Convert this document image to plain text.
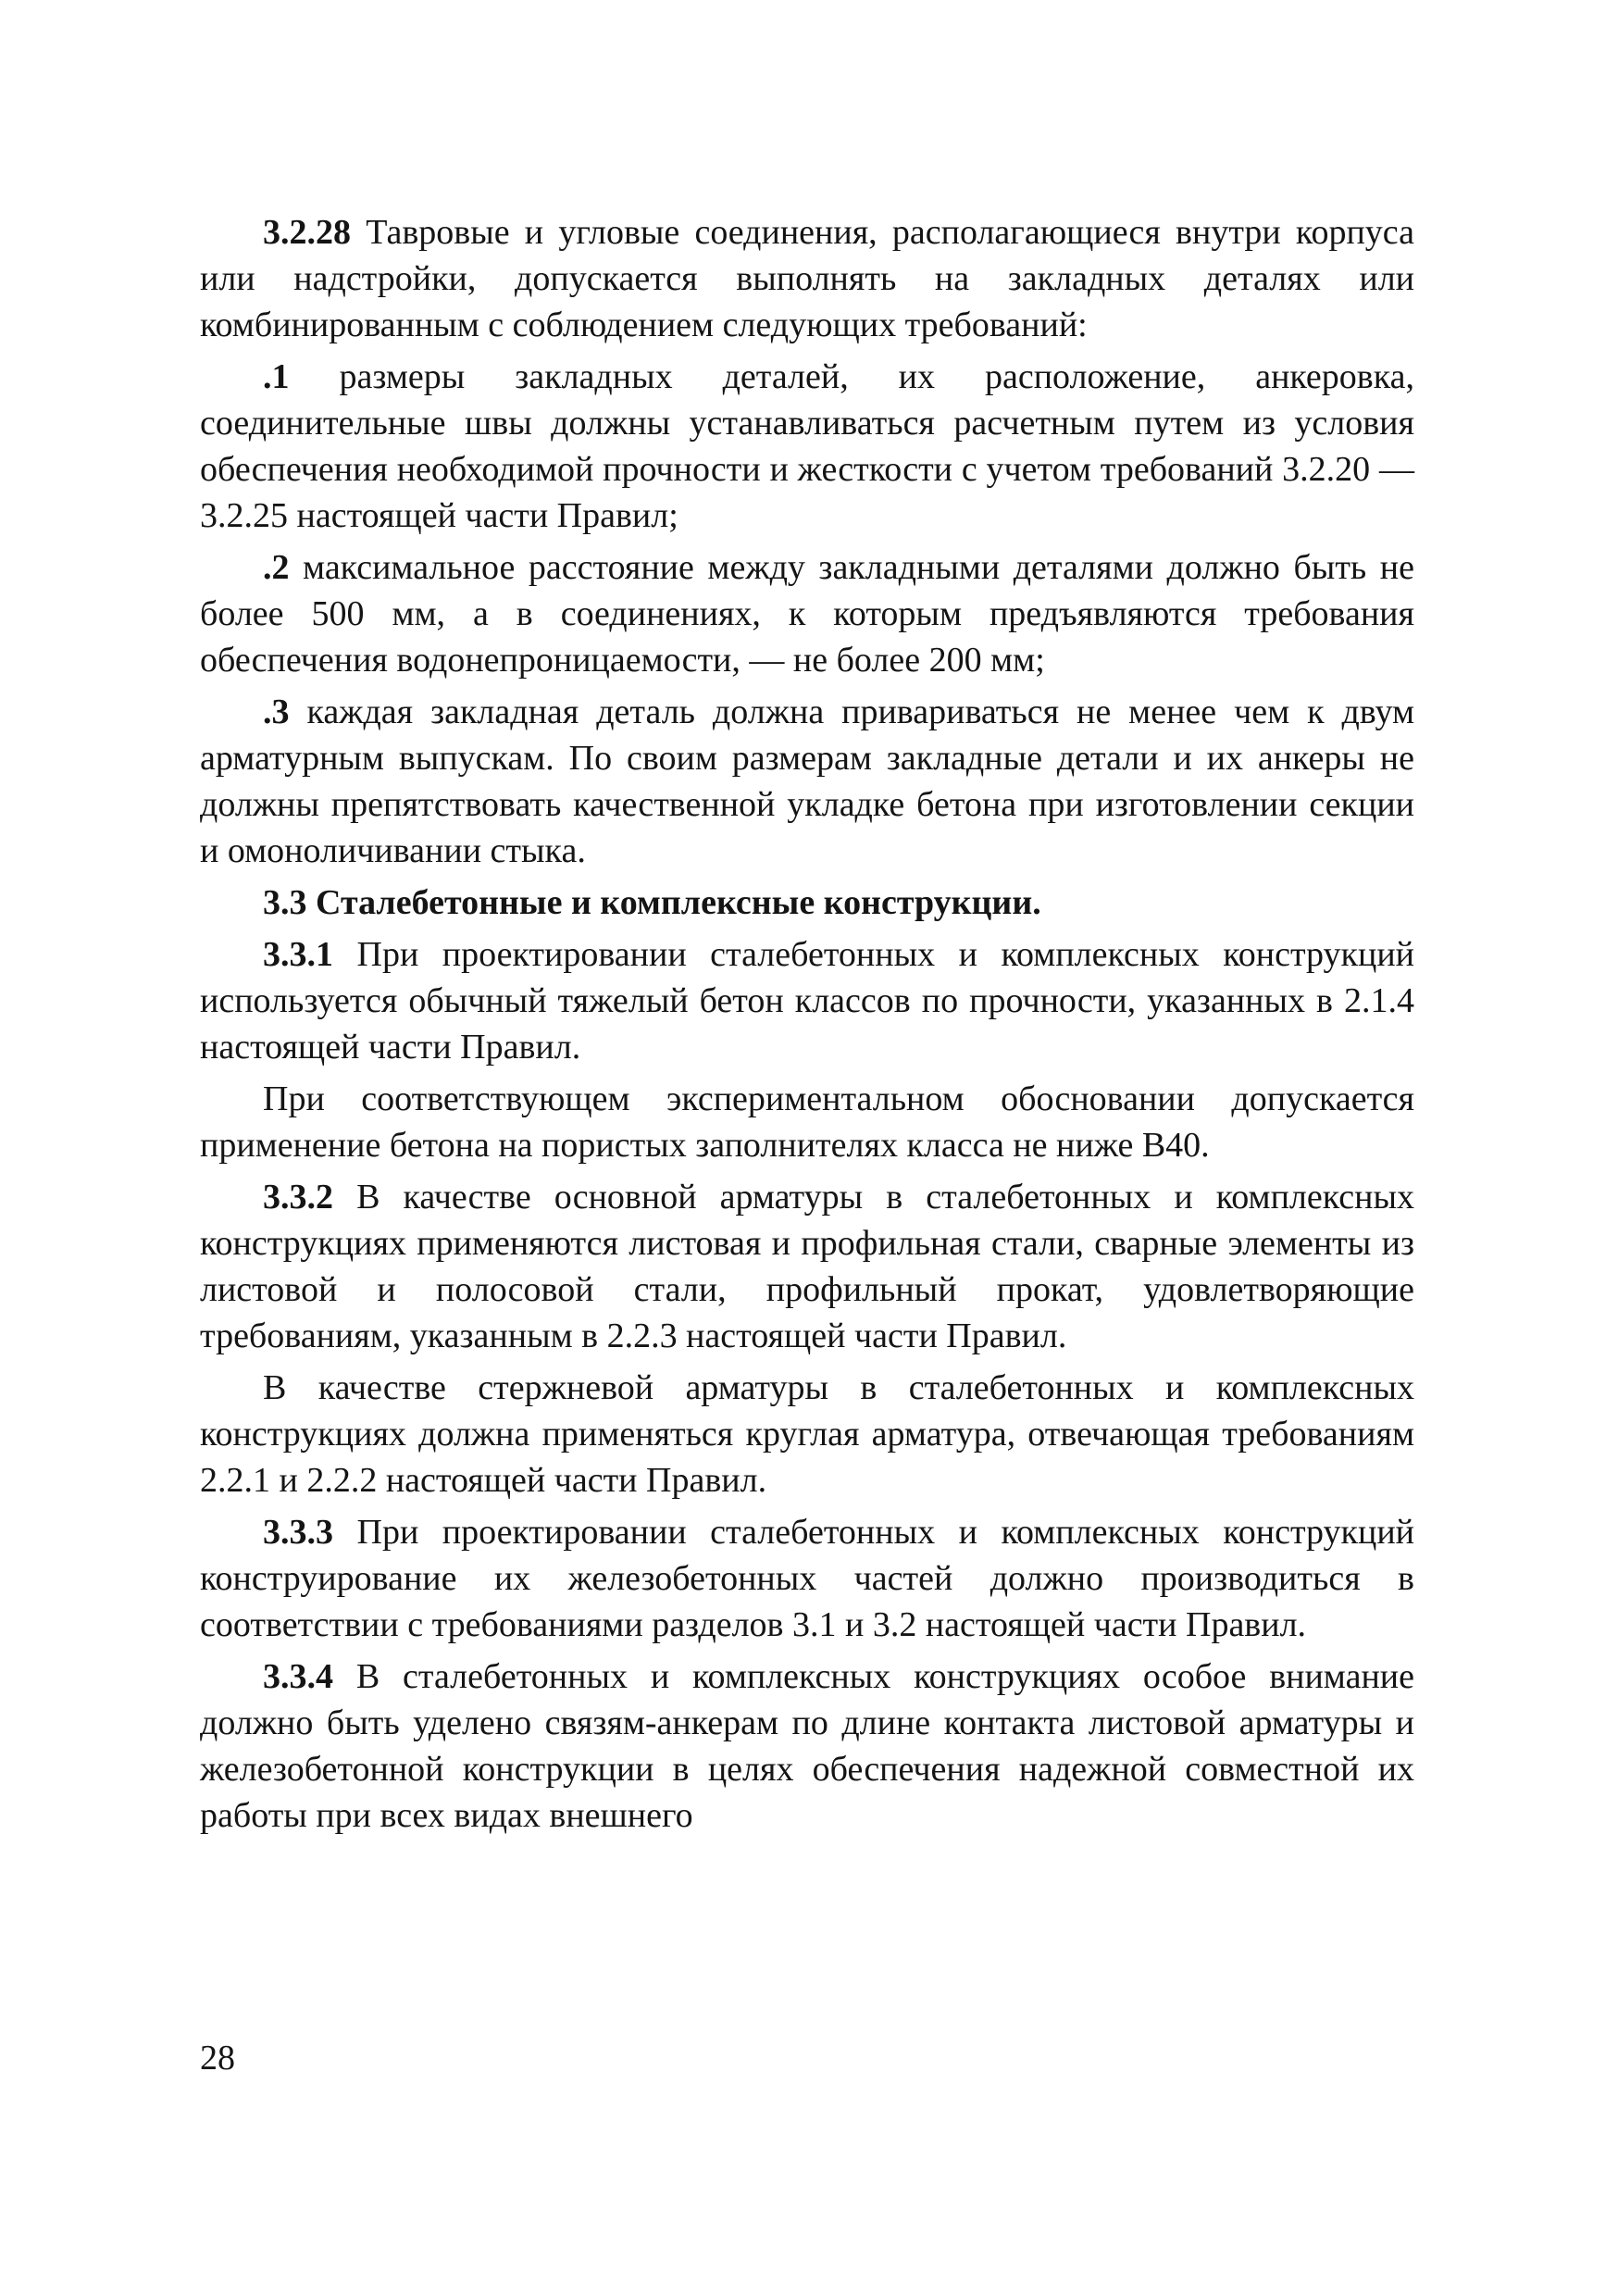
3.2.28 Тавровые и угловые соединения, располагающиеся внутри корпуса или надстройки, допускается выполнять на закладных деталях или комбинированным с соблюдением следующих требований:

.1 размеры закладных деталей, их расположение, анкеровка, соединительные швы должны устанавливаться расчетным путем из условия обеспечения необходимой прочности и жесткости с учетом требований 3.2.20 — 3.2.25 настоящей части Правил;

.2 максимальное расстояние между закладными деталями должно быть не более 500 мм, а в соединениях, к которым предъявляются требования обеспечения водонепроницаемости, — не более 200 мм;

.3 каждая закладная деталь должна привариваться не менее чем к двум арматурным выпускам. По своим размерам закладные детали и их анкеры не должны препятствовать качественной укладке бетона при изготовлении секции и омоноличивании стыка.

3.3 Сталебетонные и комплексные конструкции.

3.3.1 При проектировании сталебетонных и комплексных конструкций используется обычный тяжелый бетон классов по прочности, указанных в 2.1.4 настоящей части Правил.

При соответствующем экспериментальном обосновании допускается применение бетона на пористых заполнителях класса не ниже B40.

3.3.2 В качестве основной арматуры в сталебетонных и комплексных конструкциях применяются листовая и профильная стали, сварные элементы из листовой и полосовой стали, профильный прокат, удовлетворяющие требованиям, указанным в 2.2.3 настоящей части Правил.

В качестве стержневой арматуры в сталебетонных и комплексных конструкциях должна применяться круглая арматура, отвечающая требованиям 2.2.1 и 2.2.2 настоящей части Правил.

3.3.3 При проектировании сталебетонных и комплексных конструкций конструирование их железобетонных частей должно производиться в соответствии с требованиями разделов 3.1 и 3.2 настоящей части Правил.

3.3.4 В сталебетонных и комплексных конструкциях особое внимание должно быть уделено связям-анкерам по длине контакта листовой арматуры и железобетонной конструкции в целях обеспечения надежной совместной их работы при всех видах внешнего

28
